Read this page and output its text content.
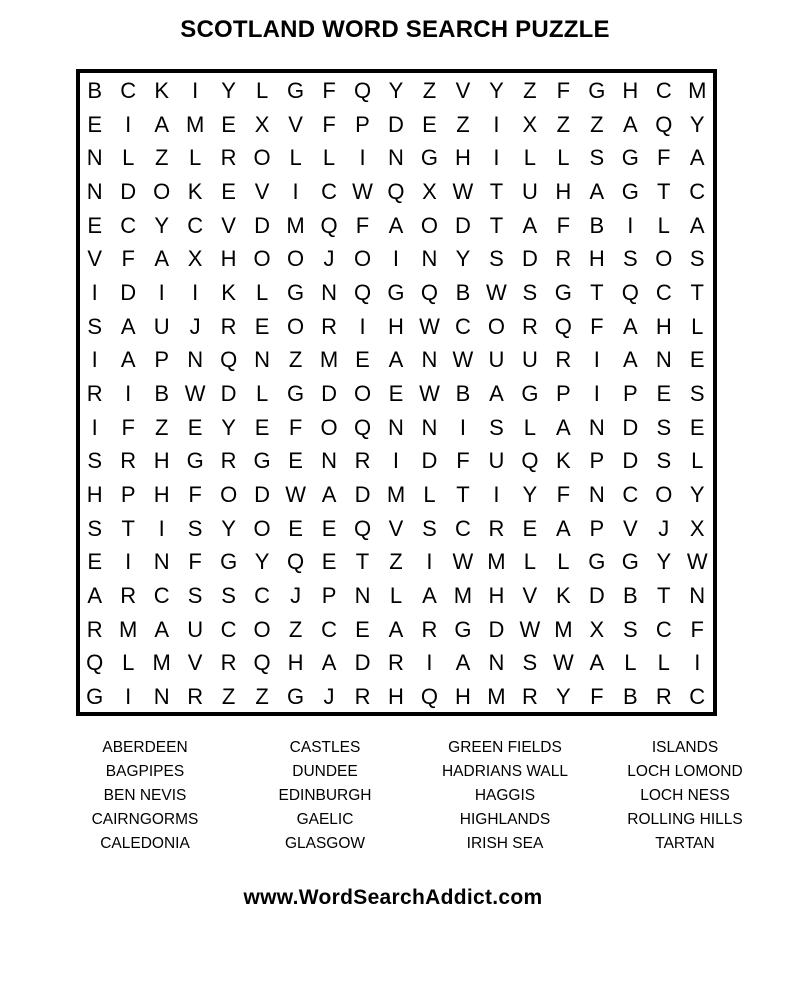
SCOTLAND WORD SEARCH PUZZLE
B C K	I	Y L G F Q Y Z V Y Z F G H C M
E	I	A M E X V F P D E Z	I	X Z Z A Q Y
N L Z L R O L L	I	N G H	I	L L S G F A
N D O K E V	I	C W Q X W T U H A G T C
E C Y C V D M Q F A O D T A F B	I	L A
V F A X H O O J O I	N Y S D R H S O S
I	D	I	I	K L G N Q G Q B W S G T Q C T
S A U J R E O R	I	H W C O R Q F A H L
I	A P N Q N Z M E A N W U U R	I	A N E
R	I	B W D L G D O E W B A G P	I	P E S
I	F Z E Y E F O Q N N	I	S L A N D S E
S R H G R G E N R	I	D F U Q K P D S L
H P H F O D W A D M L T	I	Y F N C O Y
S T	I	S Y O E E Q V S C R E A P V J X
E	I	N F G Y Q E T Z	I W M L L G G Y W
A R C S S C J P N L A M H V K D B T N
R M A U C O Z C E A R G D W M X S C F
Q L M V R Q H A D R	I	A N S W A L L	I
G I	N R Z Z G J R H Q H M R Y F B R C
ABERDEEN
BAGPIPES
BEN NEVIS
CAIRNGORMS
CALEDONIA
CASTLES
DUNDEE
EDINBURGH
GAELIC
GLASGOW
GREEN FIELDS
HADRIANS WALL
HAGGIS
HIGHLANDS
IRISH SEA
ISLANDS
LOCH LOMOND
LOCH NESS
ROLLING HILLS
TARTAN
www.WordSearchAddict.com
